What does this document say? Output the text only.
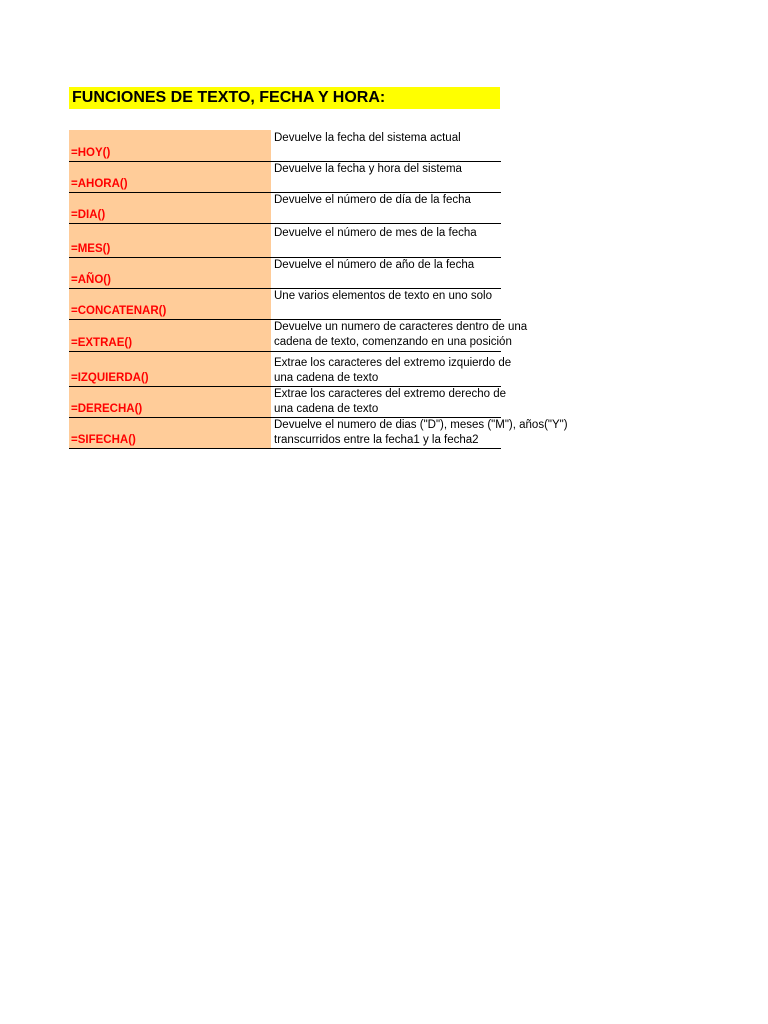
FUNCIONES DE TEXTO, FECHA Y HORA:
=HOY()
Devuelve la fecha del sistema actual
=AHORA()
Devuelve la fecha y hora del sistema
=DIA()
Devuelve el número de día de la fecha
=MES()
Devuelve el número de mes de la fecha
=AÑO()
Devuelve el número de año de la fecha
=CONCATENAR()
Une varios elementos de texto en uno solo
=EXTRAE()
Devuelve un numero de caracteres dentro de una
cadena de texto, comenzando en una posición
=IZQUIERDA()
Extrae los caracteres del extremo izquierdo de
una cadena de texto
=DERECHA()
Extrae los caracteres del extremo derecho de
una cadena de texto
=SIFECHA()
Devuelve el numero de dias ("D"), meses ("M"), años("Y")
transcurridos entre la fecha1 y la fecha2
